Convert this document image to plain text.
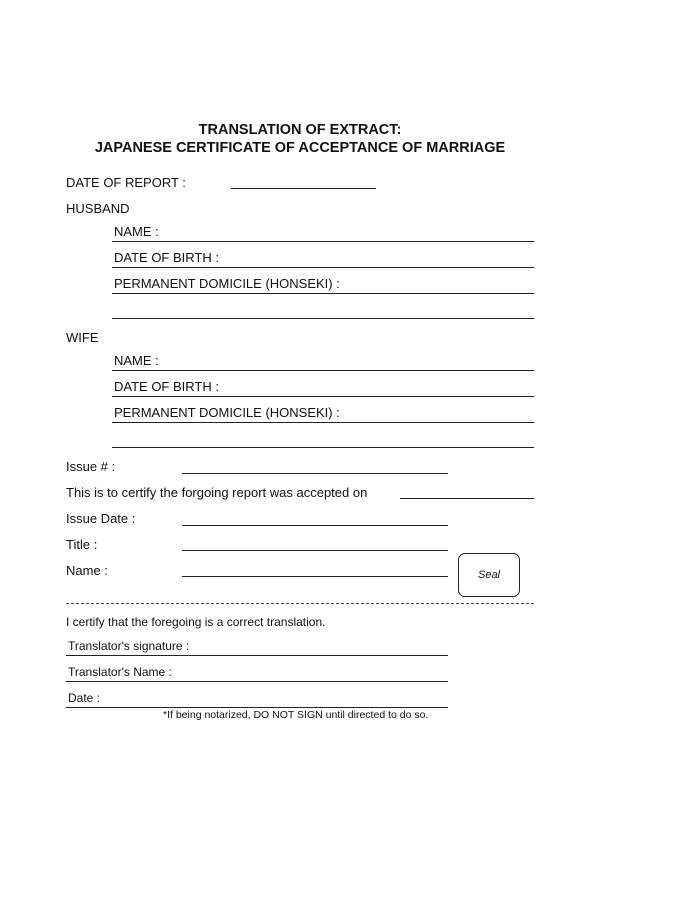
TRANSLATION OF EXTRACT:
JAPANESE CERTIFICATE OF ACCEPTANCE OF MARRIAGE
DATE OF REPORT :
HUSBAND
NAME :
DATE OF BIRTH :
PERMANENT DOMICILE (HONSEKI) :
WIFE
NAME :
DATE OF BIRTH :
PERMANENT DOMICILE (HONSEKI) :
Issue # :
This is to certify the forgoing report was accepted on
Issue Date :
Title :
Name :	Seal
I certify that the foregoing is a correct translation.
Translator's signature :
Translator's Name :
Date :
*If being notarized, DO NOT SIGN until directed to do so.
